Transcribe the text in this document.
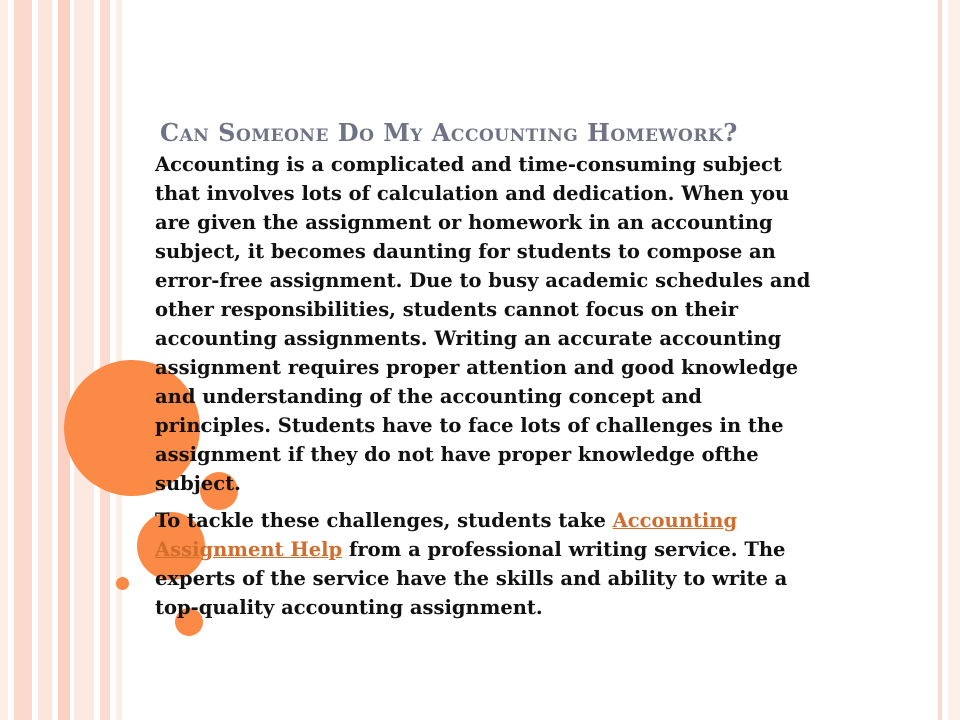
Can Someone Do My Accounting Homework?

Accounting is a complicated and time-consuming subject that involves lots of calculation and dedication. When you are given the assignment or homework in an accounting subject, it becomes daunting for students to compose an error-free assignment. Due to busy academic schedules and other responsibilities, students cannot focus on their accounting assignments. Writing an accurate accounting assignment requires proper attention and good knowledge and understanding of the accounting concept and principles. Students have to face lots of challenges in the assignment if they do not have proper knowledge ofthe subject.

To tackle these challenges, students take Accounting Assignment Help from a professional writing service. The experts of the service have the skills and ability to write a top-quality accounting assignment.
